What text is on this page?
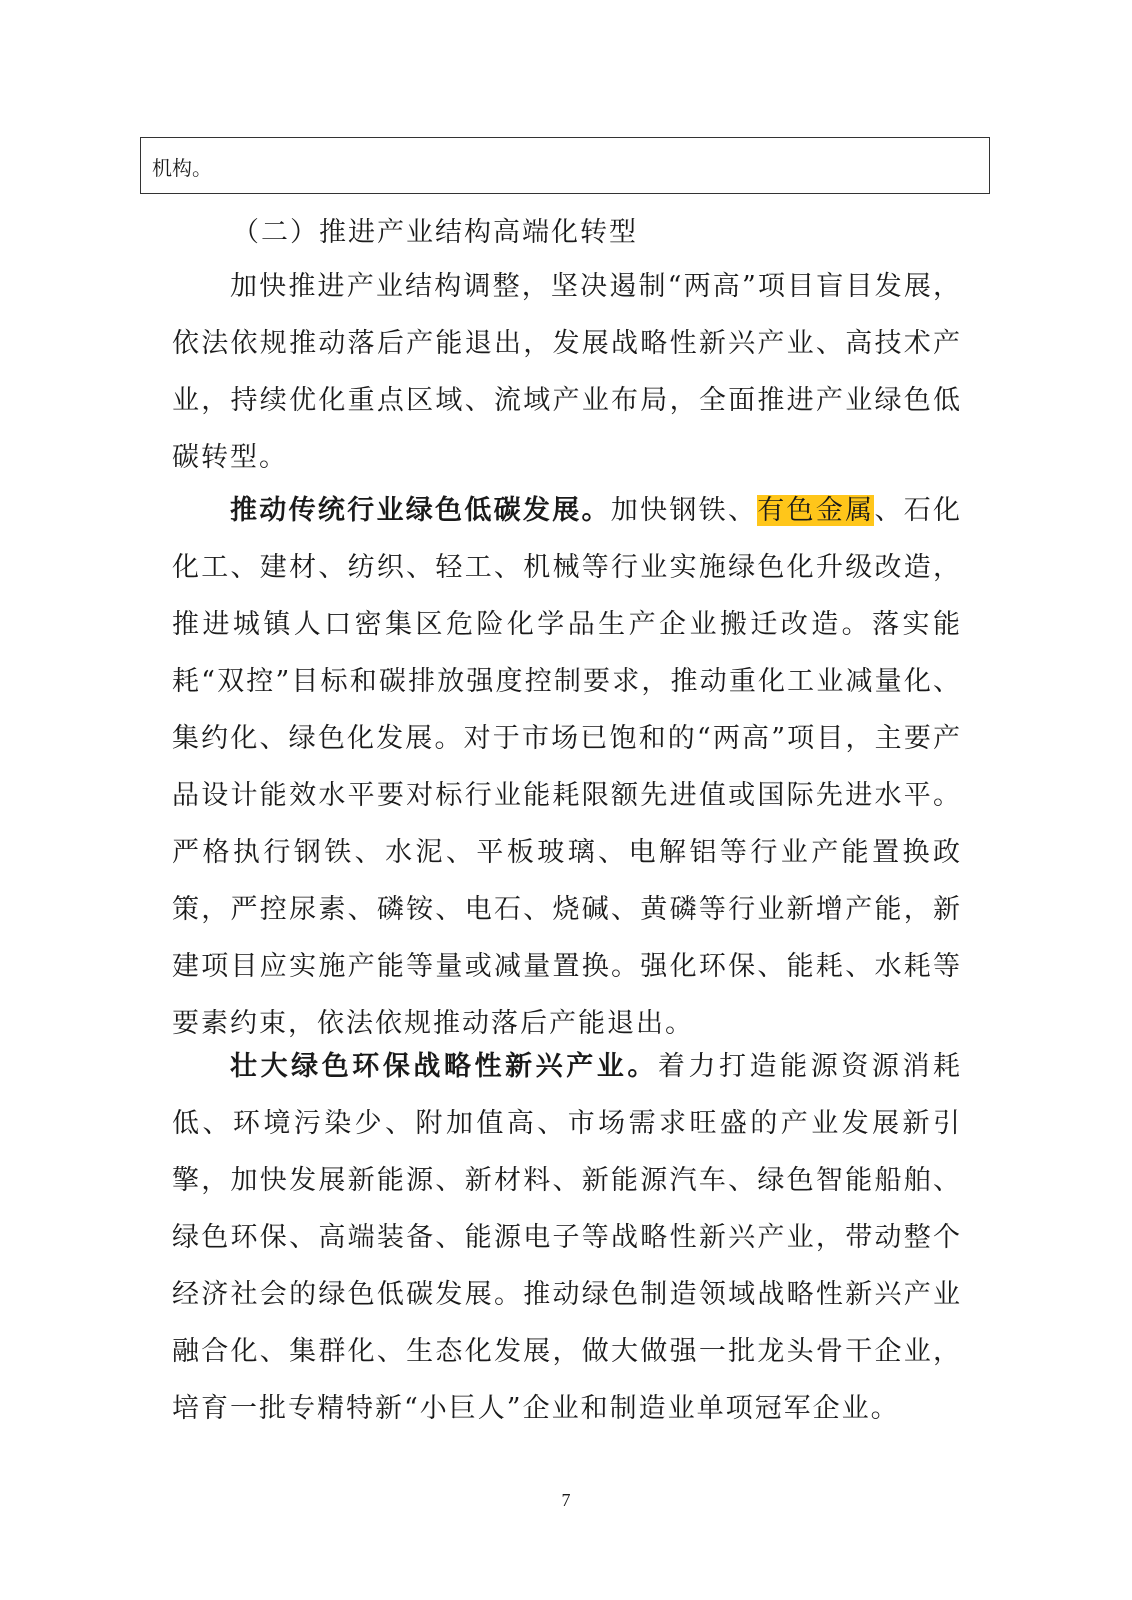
机构。
（二）推进产业结构高端化转型

加快推进产业结构调整，坚决遏制“两高”项目盲目发展，依法依规推动落后产能退出，发展战略性新兴产业、高技术产业，持续优化重点区域、流域产业布局，全面推进产业绿色低碳转型。

推动传统行业绿色低碳发展。加快钢铁、有色金属、石化化工、建材、纺织、轻工、机械等行业实施绿色化升级改造，推进城镇人口密集区危险化学品生产企业搬迁改造。落实能耗“双控”目标和碳排放强度控制要求，推动重化工业减量化、集约化、绿色化发展。对于市场已饱和的“两高”项目，主要产品设计能效水平要对标行业能耗限额先进值或国际先进水平。严格执行钢铁、水泥、平板玻璃、电解铝等行业产能置换政策，严控尿素、磷铵、电石、烧碱、黄磷等行业新增产能，新建项目应实施产能等量或减量置换。强化环保、能耗、水耗等要素约束，依法依规推动落后产能退出。

壮大绿色环保战略性新兴产业。着力打造能源资源消耗低、环境污染少、附加值高、市场需求旺盛的产业发展新引擎，加快发展新能源、新材料、新能源汽车、绿色智能船舶、绿色环保、高端装备、能源电子等战略性新兴产业，带动整个经济社会的绿色低碳发展。推动绿色制造领域战略性新兴产业融合化、集群化、生态化发展，做大做强一批龙头骨干企业，培育一批专精特新“小巨人”企业和制造业单项冠军企业。

7
